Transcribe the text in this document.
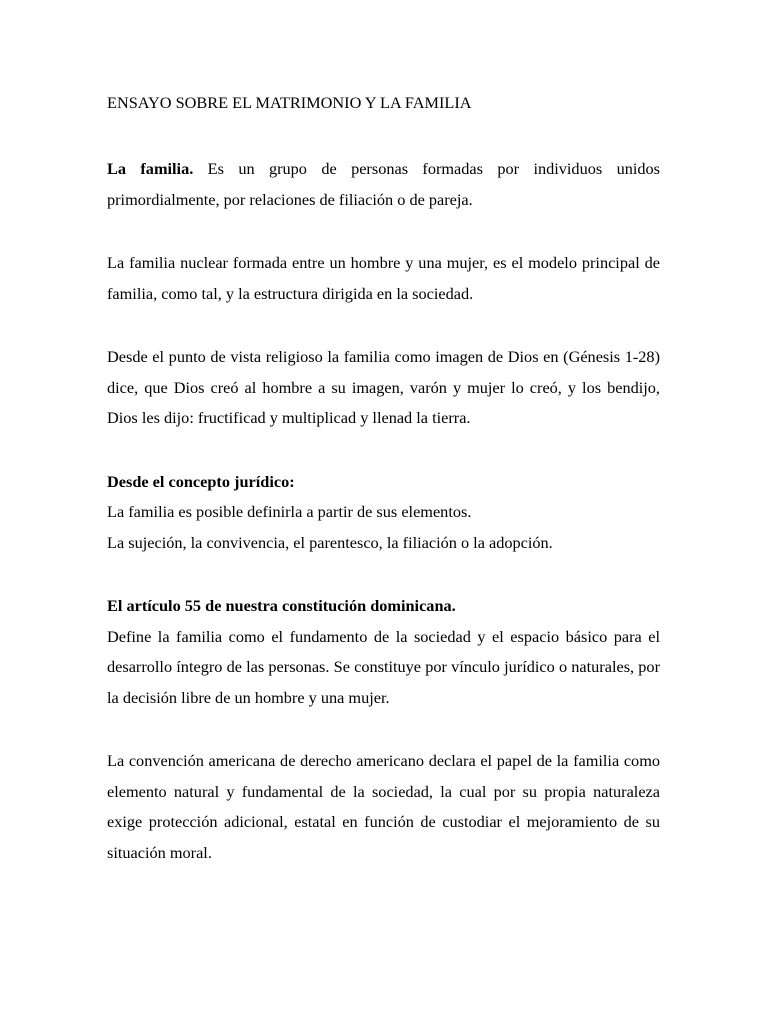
ENSAYO SOBRE EL MATRIMONIO Y LA FAMILIA

La familia. Es un grupo de personas formadas por individuos unidos primordialmente, por relaciones de filiación o de pareja.

La familia nuclear formada entre un hombre y una mujer, es el modelo principal de familia, como tal, y la estructura dirigida en la sociedad.

Desde el punto de vista religioso la familia como imagen de Dios en (Génesis 1-28) dice, que Dios creó al hombre a su imagen, varón y mujer lo creó, y los bendijo, Dios les dijo: fructificad y multiplicad y llenad la tierra.

Desde el concepto jurídico:

La familia es posible definirla a partir de sus elementos.

La sujeción, la convivencia, el parentesco, la filiación o la adopción.

El artículo 55 de nuestra constitución dominicana.

Define la familia como el fundamento de la sociedad y el espacio básico para el desarrollo íntegro de las personas. Se constituye por vínculo jurídico o naturales, por la decisión libre de un hombre y una mujer.

La convención americana de derecho americano declara el papel de la familia como elemento natural y fundamental de la sociedad, la cual por su propia naturaleza exige protección adicional, estatal en función de custodiar el mejoramiento de su situación moral.
